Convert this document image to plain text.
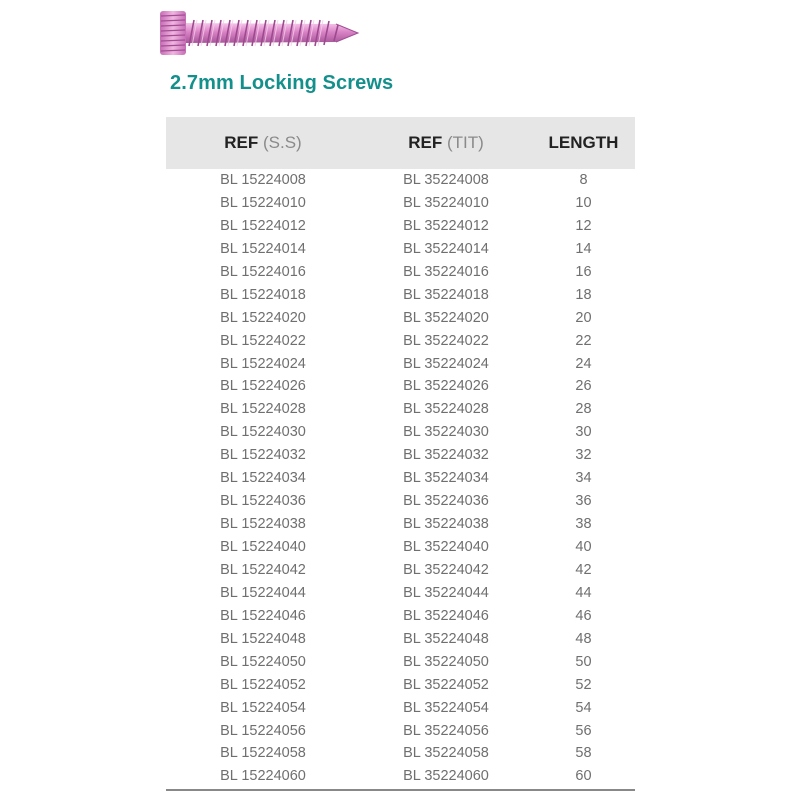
2.7mm Locking Screws
REF (S.S)	REF (TIT)	LENGTH
BL 15224008	BL 35224008	8
BL 15224010	BL 35224010	10
BL 15224012	BL 35224012	12
BL 15224014	BL 35224014	14
BL 15224016	BL 35224016	16
BL 15224018	BL 35224018	18
BL 15224020	BL 35224020	20
BL 15224022	BL 35224022	22
BL 15224024	BL 35224024	24
BL 15224026	BL 35224026	26
BL 15224028	BL 35224028	28
BL 15224030	BL 35224030	30
BL 15224032	BL 35224032	32
BL 15224034	BL 35224034	34
BL 15224036	BL 35224036	36
BL 15224038	BL 35224038	38
BL 15224040	BL 35224040	40
BL 15224042	BL 35224042	42
BL 15224044	BL 35224044	44
BL 15224046	BL 35224046	46
BL 15224048	BL 35224048	48
BL 15224050	BL 35224050	50
BL 15224052	BL 35224052	52
BL 15224054	BL 35224054	54
BL 15224056	BL 35224056	56
BL 15224058	BL 35224058	58
BL 15224060	BL 35224060	60
